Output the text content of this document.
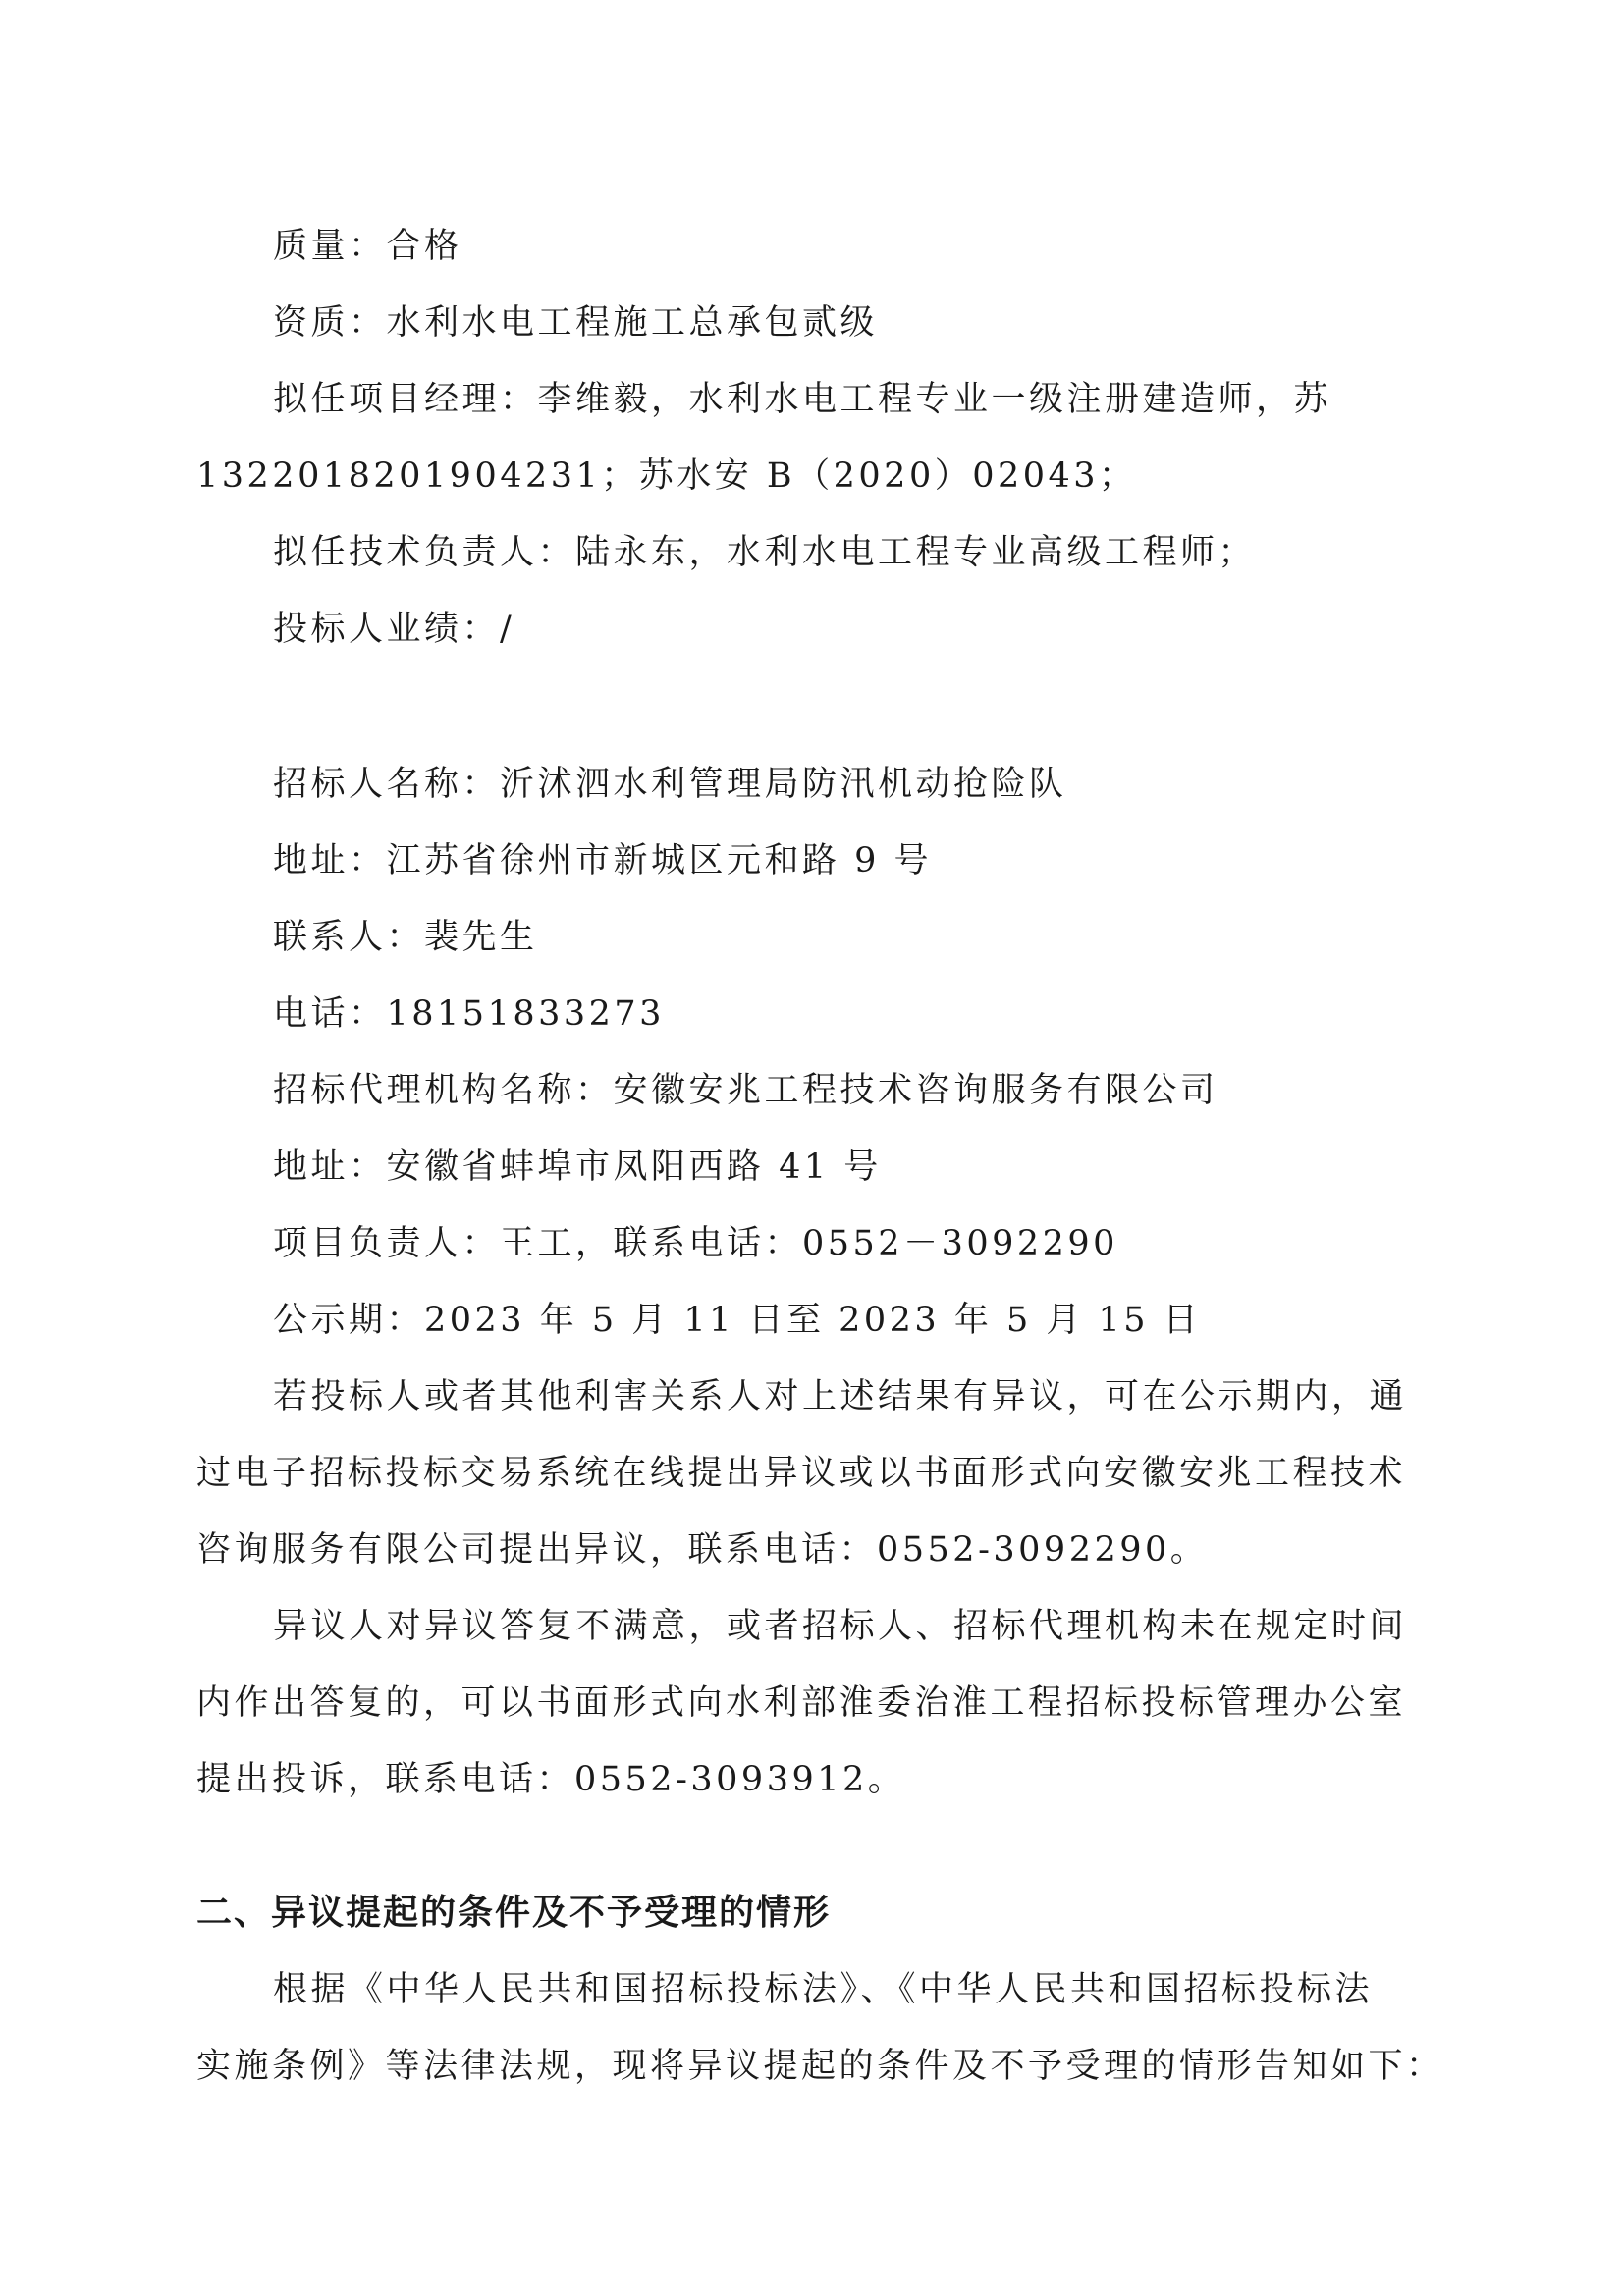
质量：合格
资质：水利水电工程施工总承包贰级
拟任项目经理：李维毅，水利水电工程专业一级注册建造师，苏
1322018201904231；苏水安 B（2020）02043；
拟任技术负责人：陆永东，水利水电工程专业高级工程师；
投标人业绩：/
招标人名称：沂沭泗水利管理局防汛机动抢险队
地址：江苏省徐州市新城区元和路 9 号
联系人：裴先生
电话：18151833273
招标代理机构名称：安徽安兆工程技术咨询服务有限公司
地址：安徽省蚌埠市凤阳西路 41 号
项目负责人：王工，联系电话：0552－3092290
公示期：2023 年 5 月 11 日至 2023 年 5 月 15 日
若投标人或者其他利害关系人对上述结果有异议，可在公示期内，通
过电子招标投标交易系统在线提出异议或以书面形式向安徽安兆工程技术
咨询服务有限公司提出异议，联系电话：0552-3092290。
异议人对异议答复不满意，或者招标人、招标代理机构未在规定时间
内作出答复的，可以书面形式向水利部淮委治淮工程招标投标管理办公室
提出投诉，联系电话：0552-3093912。
二、异议提起的条件及不予受理的情形
根据《中华人民共和国招标投标法》、《中华人民共和国招标投标法
实施条例》等法律法规，现将异议提起的条件及不予受理的情形告知如下：
